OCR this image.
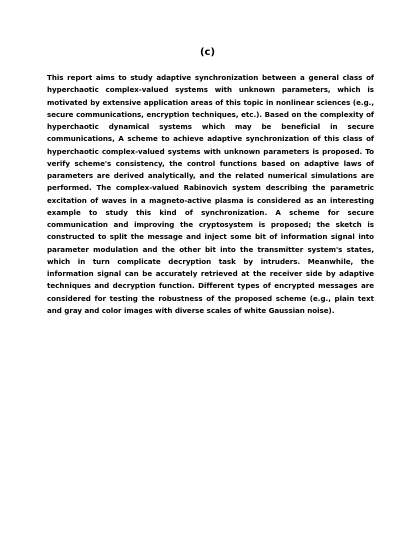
(c)

This report aims to study adaptive synchronization between a general class of hyperchaotic complex-valued systems with unknown parameters, which is motivated by extensive application areas of this topic in nonlinear sciences (e.g., secure communications, encryption techniques, etc.). Based on the complexity of hyperchaotic dynamical systems which may be beneficial in secure communications, A scheme to achieve adaptive synchronization of this class of hyperchaotic complex-valued systems with unknown parameters is proposed. To verify scheme's consistency, the control functions based on adaptive laws of parameters are derived analytically, and the related numerical simulations are performed. The complex-valued Rabinovich system describing the parametric excitation of waves in a magneto-active plasma is considered as an interesting example to study this kind of synchronization. A scheme for secure communication and improving the cryptosystem is proposed; the sketch is constructed to split the message and inject some bit of information signal into parameter modulation and the other bit into the transmitter system's states, which in turn complicate decryption task by intruders. Meanwhile, the information signal can be accurately retrieved at the receiver side by adaptive techniques and decryption function. Different types of encrypted messages are considered for testing the robustness of the proposed scheme (e.g., plain text and gray and color images with diverse scales of white Gaussian noise).
